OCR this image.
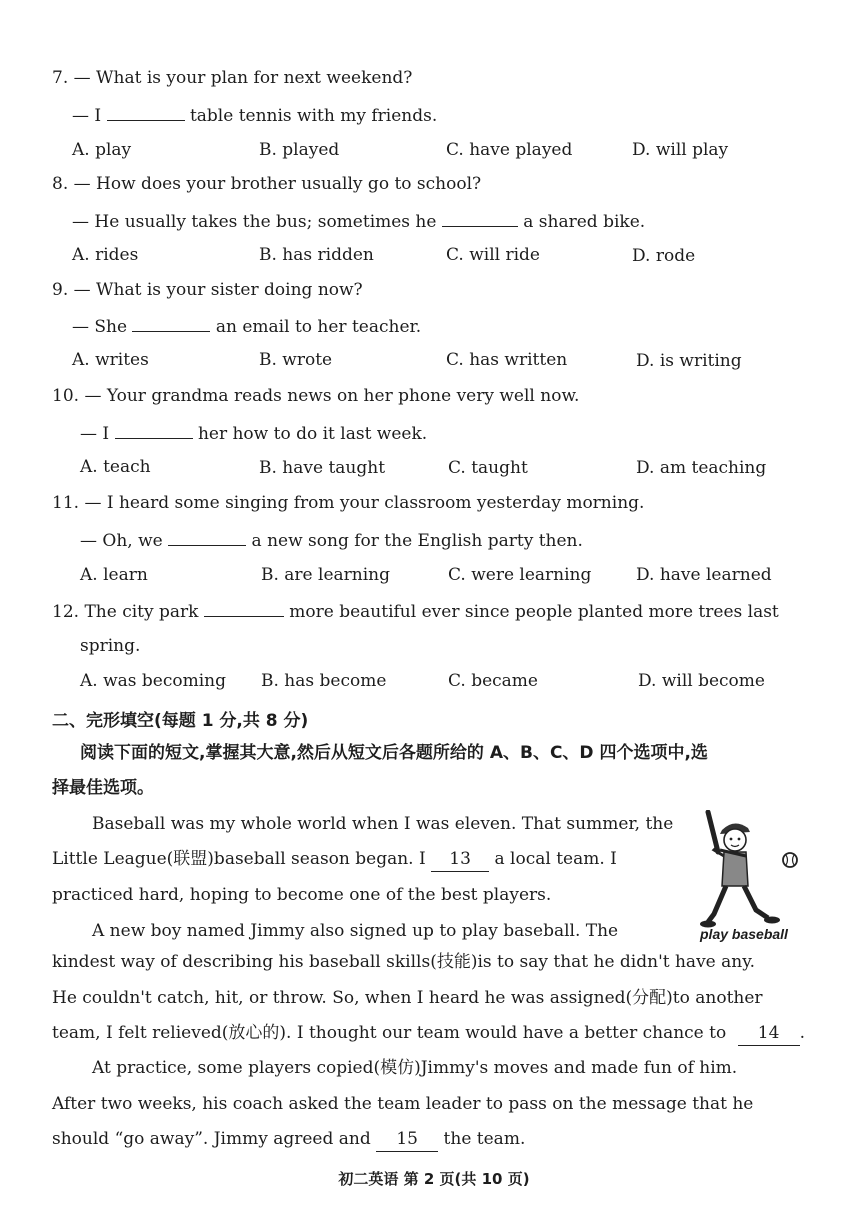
7. — What is your plan for next weekend?
— I	table tennis with my friends.
A. play	B. played	C. have played	D. will play
8. — How does your brother usually go to school?
— He usually takes the bus; sometimes he	a shared bike.
A. rides	B. has ridden	C. will ride	D. rode
9. — What is your sister doing now?
— She	an email to her teacher.
A. writes	B. wrote	C. has written	D. is writing
10. — Your grandma reads news on her phone very well now.
— I	her how to do it last week.
A. teach	B. have taught	C. taught	D. am teaching
11. — I heard some singing from your classroom yesterday morning.
— Oh, we	a new song for the English party then.
A. learn	B. are learning	C. were learning	D. have learned
12. The city park	more beautiful ever since people planted more trees last
spring.
A. was becoming B. has become	C. became	D. will become
二、完形填空(每题 1 分,共 8 分)
阅读下面的短文,掌握其大意,然后从短文后各题所给的 A、B、C、D 四个选项中,选
择最佳选项。
Baseball was my whole world when I was eleven. That summer, the
Little League(联盟)baseball season began. I 13 a local team. I
practiced hard, hoping to become one of the best players.
A new boy named Jimmy also signed up to play baseball. The
kindest way of describing his baseball skills(技能)is to say that he didn't have any.
He couldn't catch, hit, or throw. So, when I heard he was assigned(分配)to another
team, I felt relieved(放心的). I thought our team would have a better chance to 14 .
At practice, some players copied(模仿)Jimmy's moves and made fun of him.
After two weeks, his coach asked the team leader to pass on the message that he
should “go away”. Jimmy agreed and 15 the team.
play baseball
初二英语 第 2 页(共 10 页)
